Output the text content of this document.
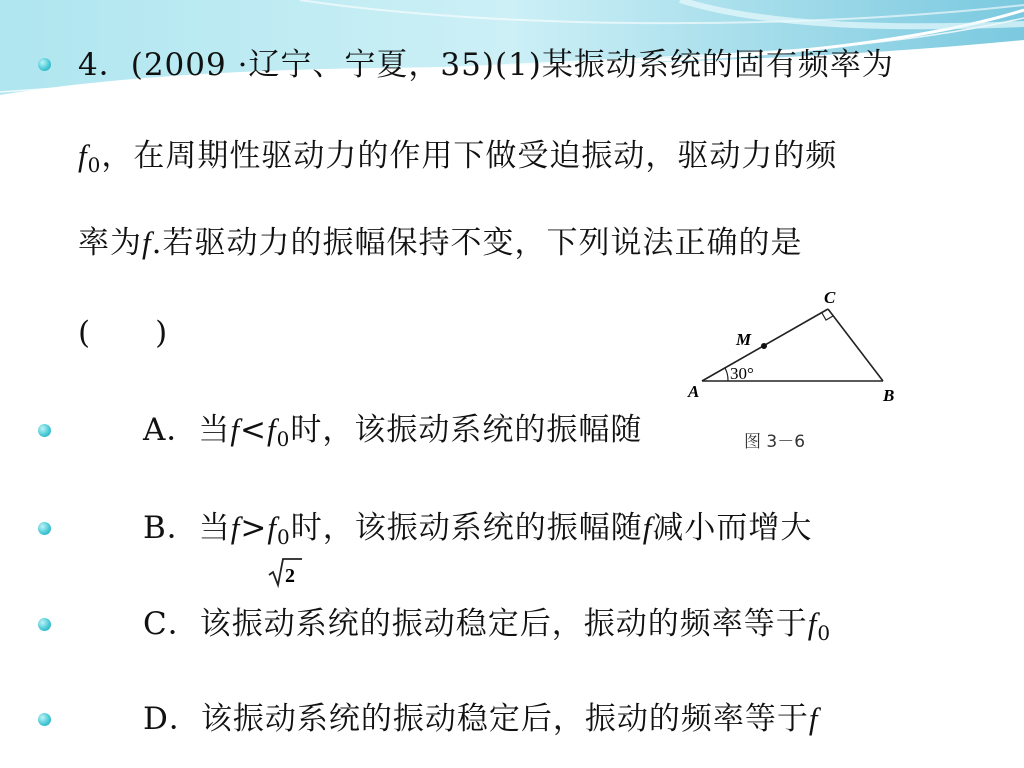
4．(2009 ·辽宁、宁夏，35)(1)某振动系统的固有频率为
$f_0$，在周期性驱动力的作用下做受迫振动，驱动力的频
率为f.若驱动力的振幅保持不变，下列说法正确的是
(　　)
A．当$f<f_0$时，该振动系统的振幅随
A	B
C
M
30°
图 3－6
B．当$f>f_0$时，该振动系统的振幅随f减小而增大
2
C．该振动系统的振动稳定后，振动的频率等于$f_0$
D．该振动系统的振动稳定后，振动的频率等于f
